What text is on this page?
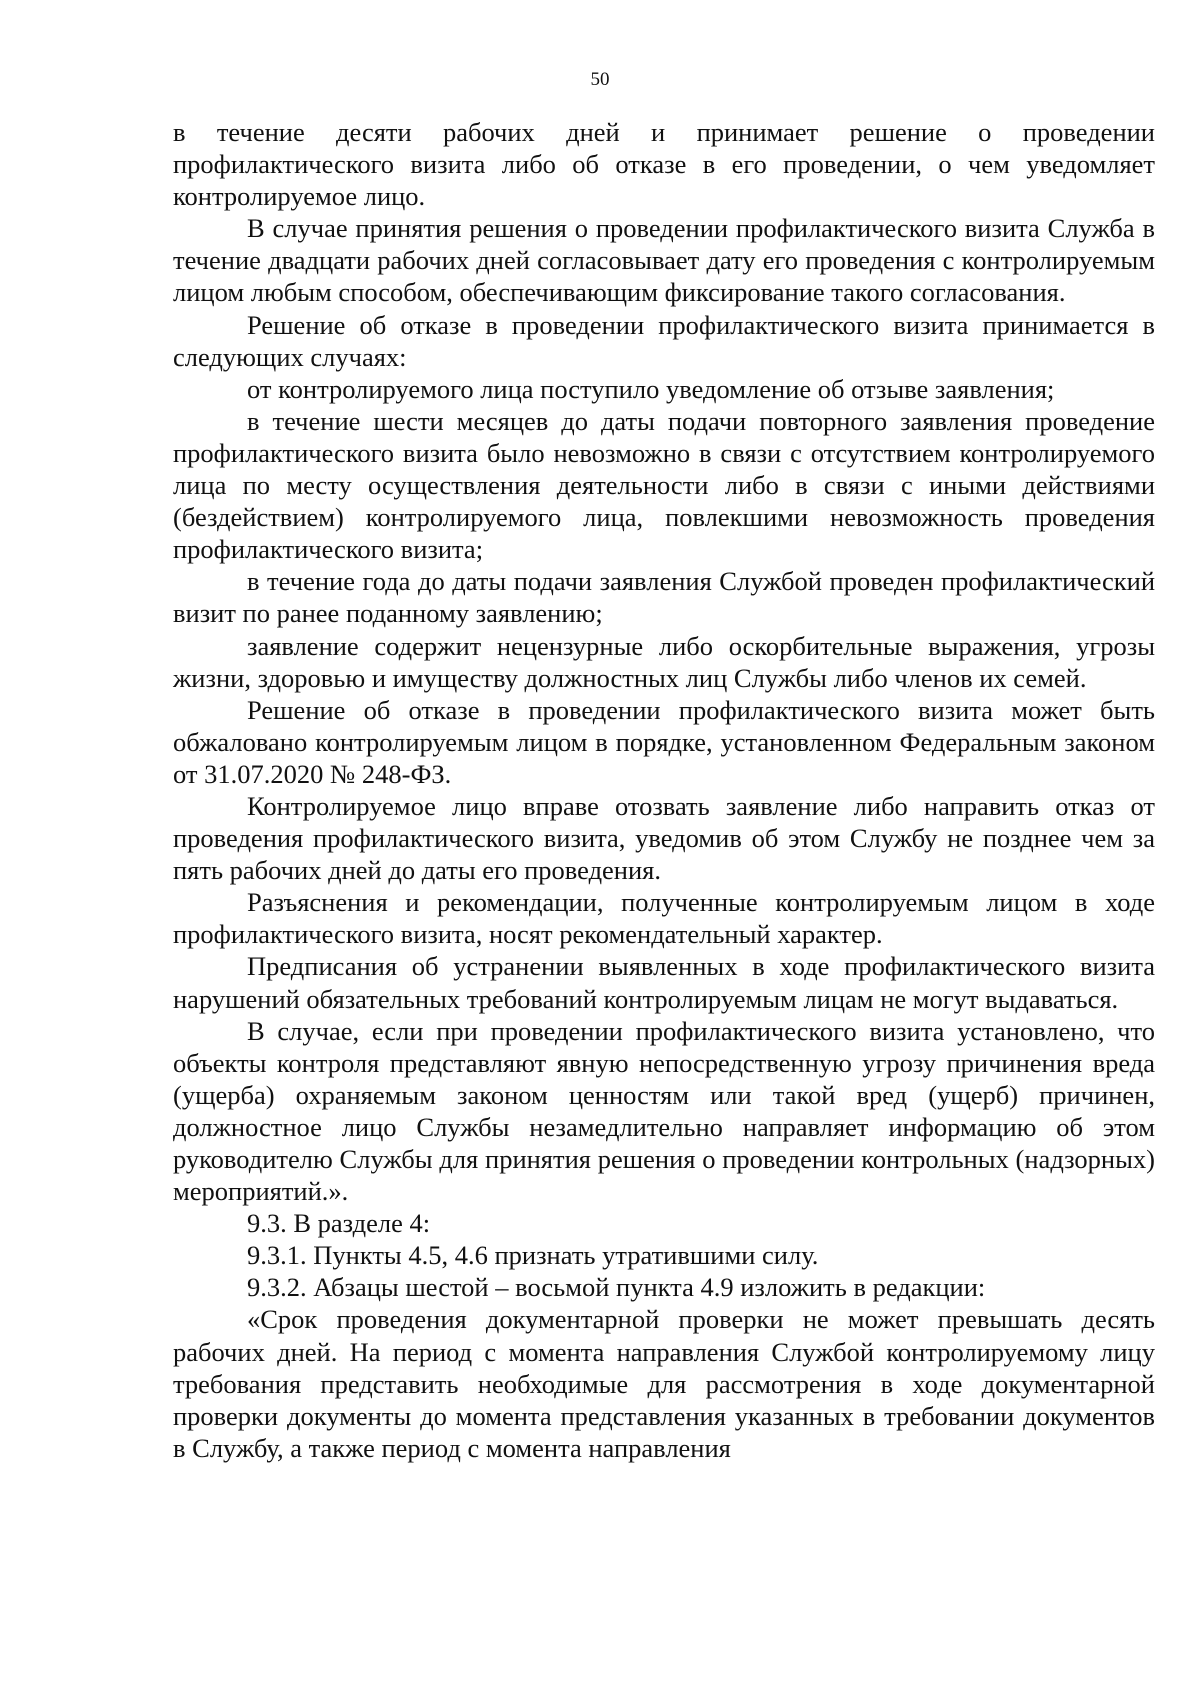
50

в течение десяти рабочих дней и принимает решение о проведении профилактического визита либо об отказе в его проведении, о чем уведомляет контролируемое лицо.

В случае принятия решения о проведении профилактического визита Служба в течение двадцати рабочих дней согласовывает дату его проведения с контролируемым лицом любым способом, обеспечивающим фиксирование такого согласования.

Решение об отказе в проведении профилактического визита принимается в следующих случаях:

от контролируемого лица поступило уведомление об отзыве заявления;

в течение шести месяцев до даты подачи повторного заявления проведение профилактического визита было невозможно в связи с отсутствием контролируемого лица по месту осуществления деятельности либо в связи с иными действиями (бездействием) контролируемого лица, повлекшими невозможность проведения профилактического визита;

в течение года до даты подачи заявления Службой проведен профилактический визит по ранее поданному заявлению;

заявление содержит нецензурные либо оскорбительные выражения, угрозы жизни, здоровью и имуществу должностных лиц Службы либо членов их семей.

Решение об отказе в проведении профилактического визита может быть обжаловано контролируемым лицом в порядке, установленном Федеральным законом от 31.07.2020 № 248-ФЗ.

Контролируемое лицо вправе отозвать заявление либо направить отказ от проведения профилактического визита, уведомив об этом Службу не позднее чем за пять рабочих дней до даты его проведения.

Разъяснения и рекомендации, полученные контролируемым лицом в ходе профилактического визита, носят рекомендательный характер.

Предписания об устранении выявленных в ходе профилактического визита нарушений обязательных требований контролируемым лицам не могут выдаваться.

В случае, если при проведении профилактического визита установлено, что объекты контроля представляют явную непосредственную угрозу причинения вреда (ущерба) охраняемым законом ценностям или такой вред (ущерб) причинен, должностное лицо Службы незамедлительно направляет информацию об этом руководителю Службы для принятия решения о проведении контрольных (надзорных) мероприятий.».

9.3. В разделе 4:

9.3.1. Пункты 4.5, 4.6 признать утратившими силу.

9.3.2. Абзацы шестой – восьмой пункта 4.9 изложить в редакции:

«Срок проведения документарной проверки не может превышать десять рабочих дней. На период с момента направления Службой контролируемому лицу требования представить необходимые для рассмотрения в ходе документарной проверки документы до момента представления указанных в требовании документов в Службу, а также период с момента направления
